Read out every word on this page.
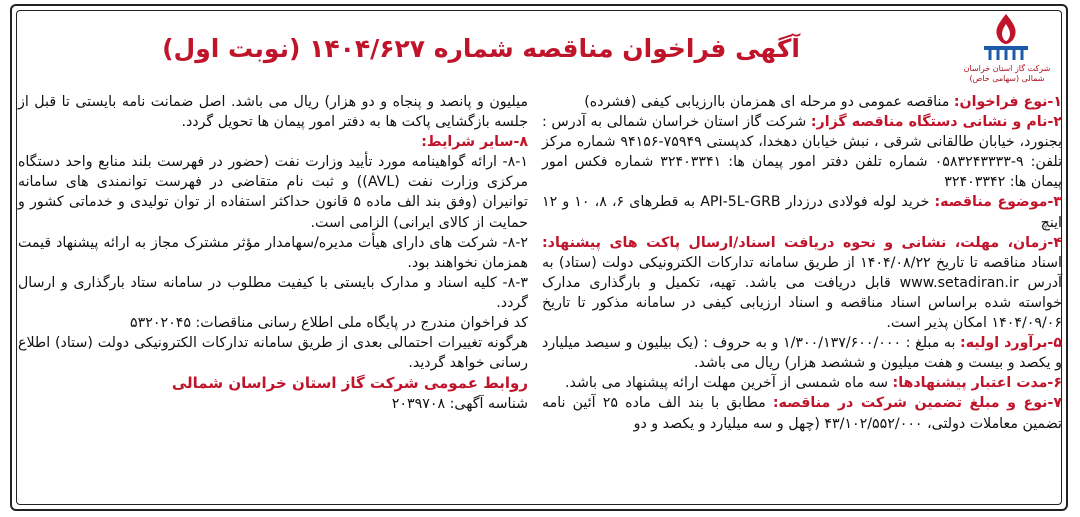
آگهی فراخوان مناقصه شماره ۱۴۰۴/۶۲۷ (نوبت اول)
شرکت گاز استان خراسان شمالی (سهامی خاص)

۱-نوع فراخوان: مناقصه عمومی دو مرحله ای همزمان باارزیابی کیفی (فشرده)

۲-نام و نشانی دستگاه مناقصه گزار: شرکت گاز استان خراسان شمالی به آدرس : بجنورد، خیابان طالقانی شرقی ، نبش خیابان دهخدا، کدپستی ۷۵۹۴۹-۹۴۱۵۶ شماره مرکز تلفن: ۹-۰۵۸۳۲۴۳۳۳۳ شماره تلفن دفتر امور پیمان ها: ۳۲۴۰۳۳۴۱ شماره فکس امور پیمان ها: ۳۲۴۰۳۳۴۲

۳-موضوع مناقصه: خرید لوله فولادی درزدار API-5L-GRB به قطرهای ۶، ۸، ۱۰ و ۱۲ اینچ

۴-زمان، مهلت، نشانی و نحوه دریافت اسناد/ارسال پاکت های پیشنهاد: اسناد مناقصه تا تاریخ ۱۴۰۴/۰۸/۲۲ از طریق سامانه تدارکات الکترونیکی دولت (ستاد) به آدرس www.setadiran.ir قابل دریافت می باشد. تهیه، تکمیل و بارگذاری مدارک خواسته شده براساس اسناد مناقصه و اسناد ارزیابی کیفی در سامانه مذکور تا تاریخ ۱۴۰۴/۰۹/۰۶ امکان پذیر است.

۵-برآورد اولیه: به مبلغ : ۱/۳۰۰/۱۳۷/۶۰۰/۰۰۰ و به حروف : (یک بیلیون و سیصد میلیارد و یکصد و بیست و هفت میلیون و ششصد هزار) ریال می باشد.

۶-مدت اعتبار پیشنهادها: سه ماه شمسی از آخرین مهلت ارائه پیشنهاد می باشد.

۷-نوع و مبلغ تضمین شرکت در مناقصه: مطابق با بند الف ماده ۲۵ آئین نامه تضمین معاملات دولتی، ۴۳/۱۰۲/۵۵۲/۰۰۰ (چهل و سه میلیارد و یکصد و دو

میلیون و پانصد و پنجاه و دو هزار) ریال می باشد. اصل ضمانت نامه بایستی تا قبل از جلسه بازگشایی پاکت ها به دفتر امور پیمان ها تحویل گردد.

۸-سایر شرایط:

۸-۱- ارائه گواهینامه مورد تأیید وزارت نفت (حضور در فهرست بلند منابع واحد دستگاه مرکزی وزارت نفت (AVL)) و ثبت نام متقاضی در فهرست توانمندی های سامانه توانیران (وفق بند الف ماده ۵ قانون حداکثر استفاده از توان تولیدی و خدماتی کشور و حمایت از کالای ایرانی) الزامی است.

۸-۲- شرکت های دارای هیأت مدیره/سهامدار مؤثر مشترک مجاز به ارائه پیشنهاد قیمت همزمان نخواهند بود.

۸-۳- کلیه اسناد و مدارک بایستی با کیفیت مطلوب در سامانه ستاد بارگذاری و ارسال گردد.

کد فراخوان مندرج در پایگاه ملی اطلاع رسانی مناقصات: ۵۳۲۰۲۰۴۵

هرگونه تغییرات احتمالی بعدی از طریق سامانه تدارکات الکترونیکی دولت (ستاد) اطلاع رسانی خواهد گردید.

روابط عمومی شرکت گاز استان خراسان شمالی

شناسه آگهی: ۲۰۳۹۷۰۸
